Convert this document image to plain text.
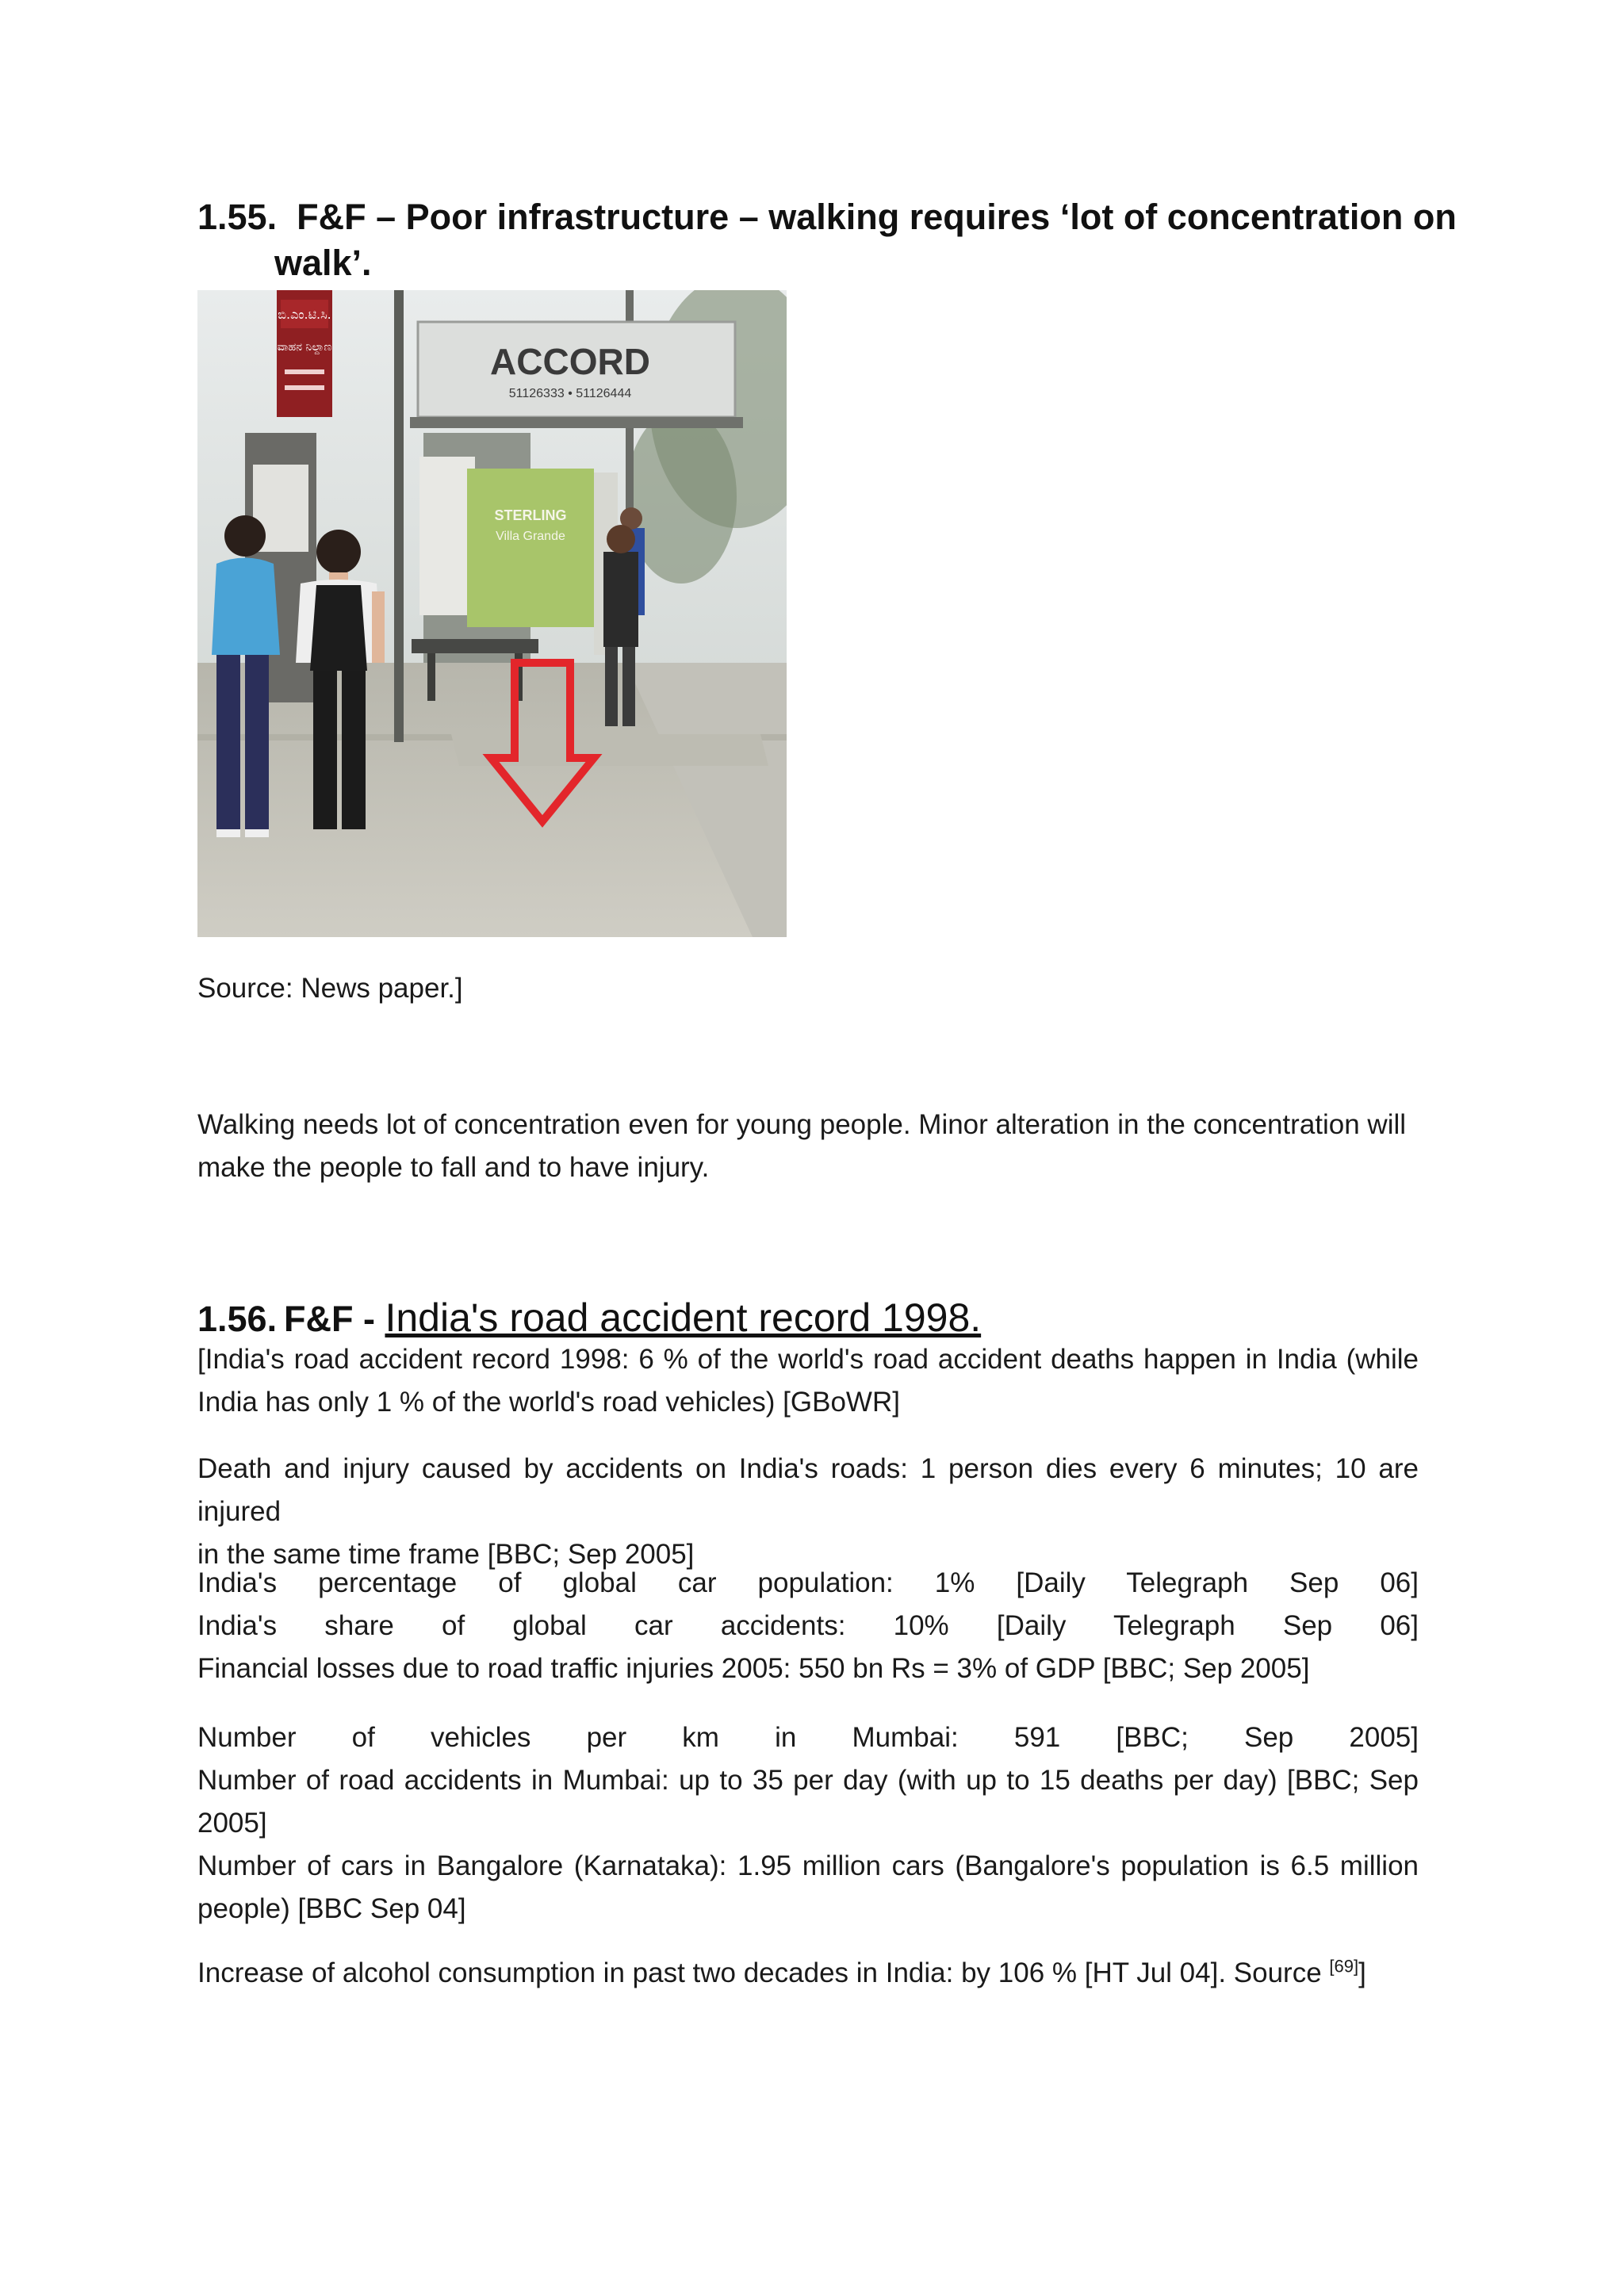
1.55. F&F – Poor infrastructure – walking requires ‘lot of concentration on
walk’.
ಬಿ.ಎಂ.ಟಿ.ಸಿ.
ವಾಹನ ನಿಲ್ದಾಣ	ACCORD
51126333 • 51126444
STERLING
Villa Grande
Source: News paper.]
Walking needs lot of concentration even for young people. Minor alteration in the concentration will
make the people to fall and to have injury.
1.56. F&F - India's road accident record 1998.
[India's road accident record 1998: 6 % of the world's road accident deaths happen in India (while
India has only 1 % of the world's road vehicles) [GBoWR]
Death and injury caused by accidents on India's roads: 1 person dies every 6 minutes; 10 are injured
in the same time frame [BBC; Sep 2005]
India's percentage of global car population: 1% [Daily Telegraph Sep 06]
India's share of global car accidents: 10% [Daily Telegraph Sep 06]
Financial losses due to road traffic injuries 2005: 550 bn Rs = 3% of GDP [BBC; Sep 2005]
Number of vehicles per km in Mumbai: 591 [BBC; Sep 2005]
Number of road accidents in Mumbai: up to 35 per day (with up to 15 deaths per day) [BBC; Sep
2005]
Number of cars in Bangalore (Karnataka): 1.95 million cars (Bangalore's population is 6.5 million
people) [BBC Sep 04]
Increase of alcohol consumption in past two decades in India: by 106 % [HT Jul 04]. Source [69]]
